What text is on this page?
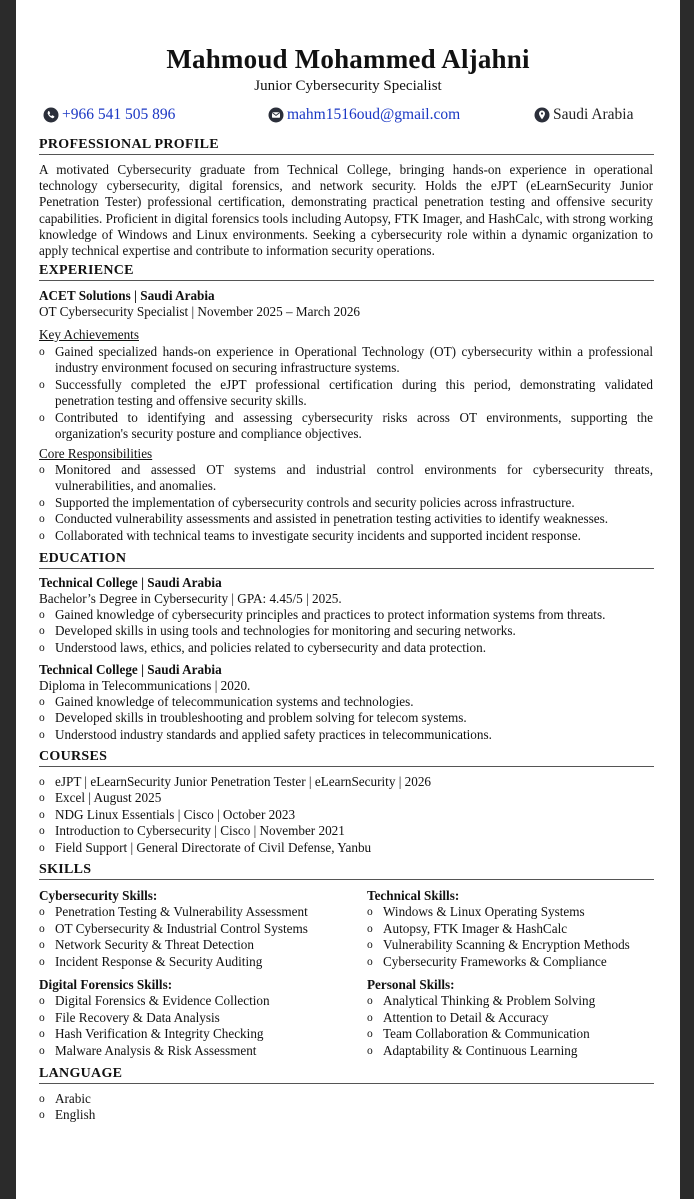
Mahmoud Mohammed Aljahni
Junior Cybersecurity Specialist
+966 541 505 896	mahm1516oud@gmail.com	Saudi Arabia
PROFESSIONAL PROFILE
A motivated Cybersecurity graduate from Technical College, bringing hands-on experience in operational technology cybersecurity, digital forensics, and network security. Holds the eJPT (eLearnSecurity Junior Penetration Tester) professional certification, demonstrating practical penetration testing and offensive security capabilities. Proficient in digital forensics tools including Autopsy, FTK Imager, and HashCalc, with strong working knowledge of Windows and Linux environments. Seeking a cybersecurity role within a dynamic organization to apply technical expertise and contribute to information security operations.
EXPERIENCE
ACET Solutions | Saudi Arabia
OT Cybersecurity Specialist | November 2025 – March 2026
Key Achievements
o Gained specialized hands-on experience in Operational Technology (OT) cybersecurity within a professional industry environment focused on securing infrastructure systems.
o Successfully completed the eJPT professional certification during this period, demonstrating validated penetration testing and offensive security skills.
o Contributed to identifying and assessing cybersecurity risks across OT environments, supporting the organization's security posture and compliance objectives.
Core Responsibilities
o Monitored and assessed OT systems and industrial control environments for cybersecurity threats, vulnerabilities, and anomalies.
o Supported the implementation of cybersecurity controls and security policies across infrastructure.
o Conducted vulnerability assessments and assisted in penetration testing activities to identify weaknesses.
o Collaborated with technical teams to investigate security incidents and supported incident response.
EDUCATION
Technical College | Saudi Arabia
Bachelor’s Degree in Cybersecurity | GPA: 4.45/5 | 2025.
o Gained knowledge of cybersecurity principles and practices to protect information systems from threats.
o Developed skills in using tools and technologies for monitoring and securing networks.
o Understood laws, ethics, and policies related to cybersecurity and data protection.
Technical College | Saudi Arabia
Diploma in Telecommunications | 2020.
o Gained knowledge of telecommunication systems and technologies.
o Developed skills in troubleshooting and problem solving for telecom systems.
o Understood industry standards and applied safety practices in telecommunications.
COURSES
o eJPT | eLearnSecurity Junior Penetration Tester | eLearnSecurity | 2026
o Excel | August 2025
o NDG Linux Essentials | Cisco | October 2023
o Introduction to Cybersecurity | Cisco | November 2021
o Field Support | General Directorate of Civil Defense, Yanbu
SKILLS
Cybersecurity Skills:
o Penetration Testing & Vulnerability Assessment
o OT Cybersecurity & Industrial Control Systems
o Network Security & Threat Detection
o Incident Response & Security Auditing
Technical Skills:
o Windows & Linux Operating Systems
o Autopsy, FTK Imager & HashCalc
o Vulnerability Scanning & Encryption Methods
o Cybersecurity Frameworks & Compliance
Digital Forensics Skills:
o Digital Forensics & Evidence Collection
o File Recovery & Data Analysis
o Hash Verification & Integrity Checking
o Malware Analysis & Risk Assessment
Personal Skills:
o Analytical Thinking & Problem Solving
o Attention to Detail & Accuracy
o Team Collaboration & Communication
o Adaptability & Continuous Learning
LANGUAGE
o Arabic
o English
